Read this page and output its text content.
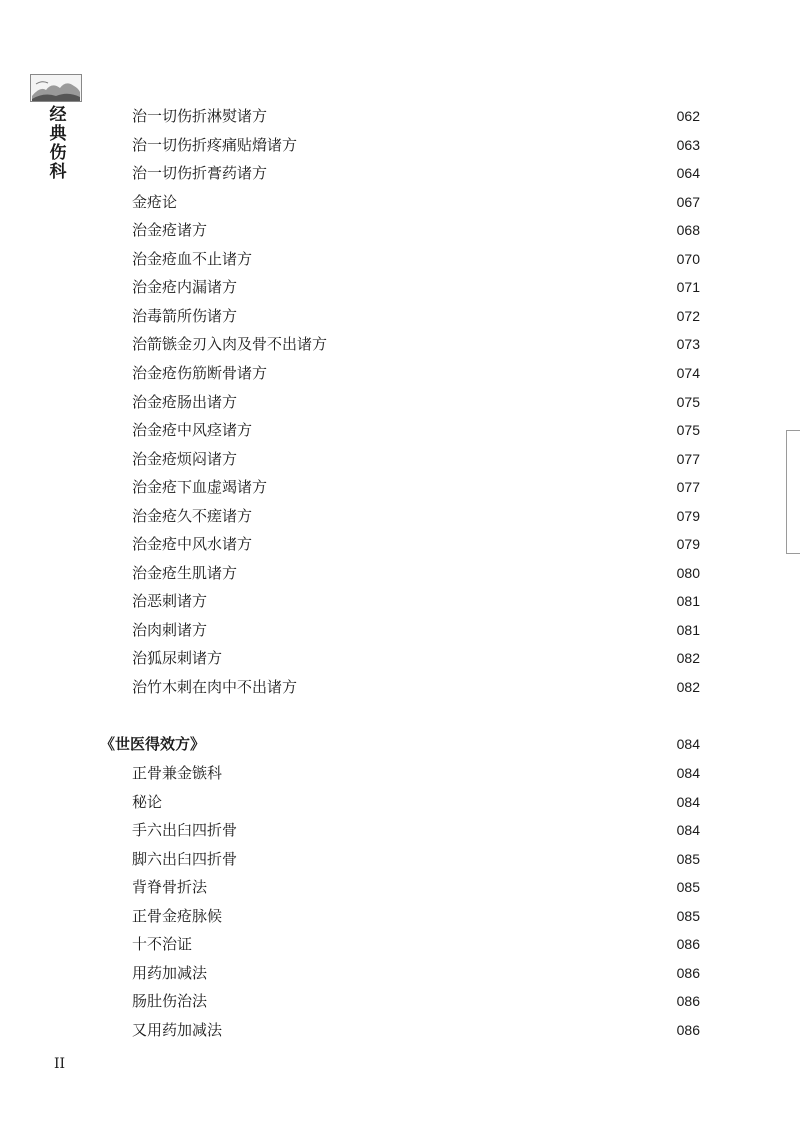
经
典
伤
科
治一切伤折淋熨诸方	062
治一切伤折疼痛贴熁诸方	063
治一切伤折膏药诸方	064
金疮论	067
治金疮诸方	068
治金疮血不止诸方	070
治金疮内漏诸方	071
治毒箭所伤诸方	072
治箭镞金刃入肉及骨不出诸方	073
治金疮伤筋断骨诸方	074
治金疮肠出诸方	075
治金疮中风痉诸方	075
治金疮烦闷诸方	077
治金疮下血虚竭诸方	077
治金疮久不瘥诸方	079
治金疮中风水诸方	079
治金疮生肌诸方	080
治恶刺诸方	081
治肉刺诸方	081
治狐尿刺诸方	082
治竹木刺在肉中不出诸方	082
《世医得效方》	084
正骨兼金镞科	084
秘论	084
手六出臼四折骨	084
脚六出臼四折骨	085
背脊骨折法	085
正骨金疮脉候	085
十不治证	086
用药加减法	086
肠肚伤治法	086
又用药加减法	086
II
